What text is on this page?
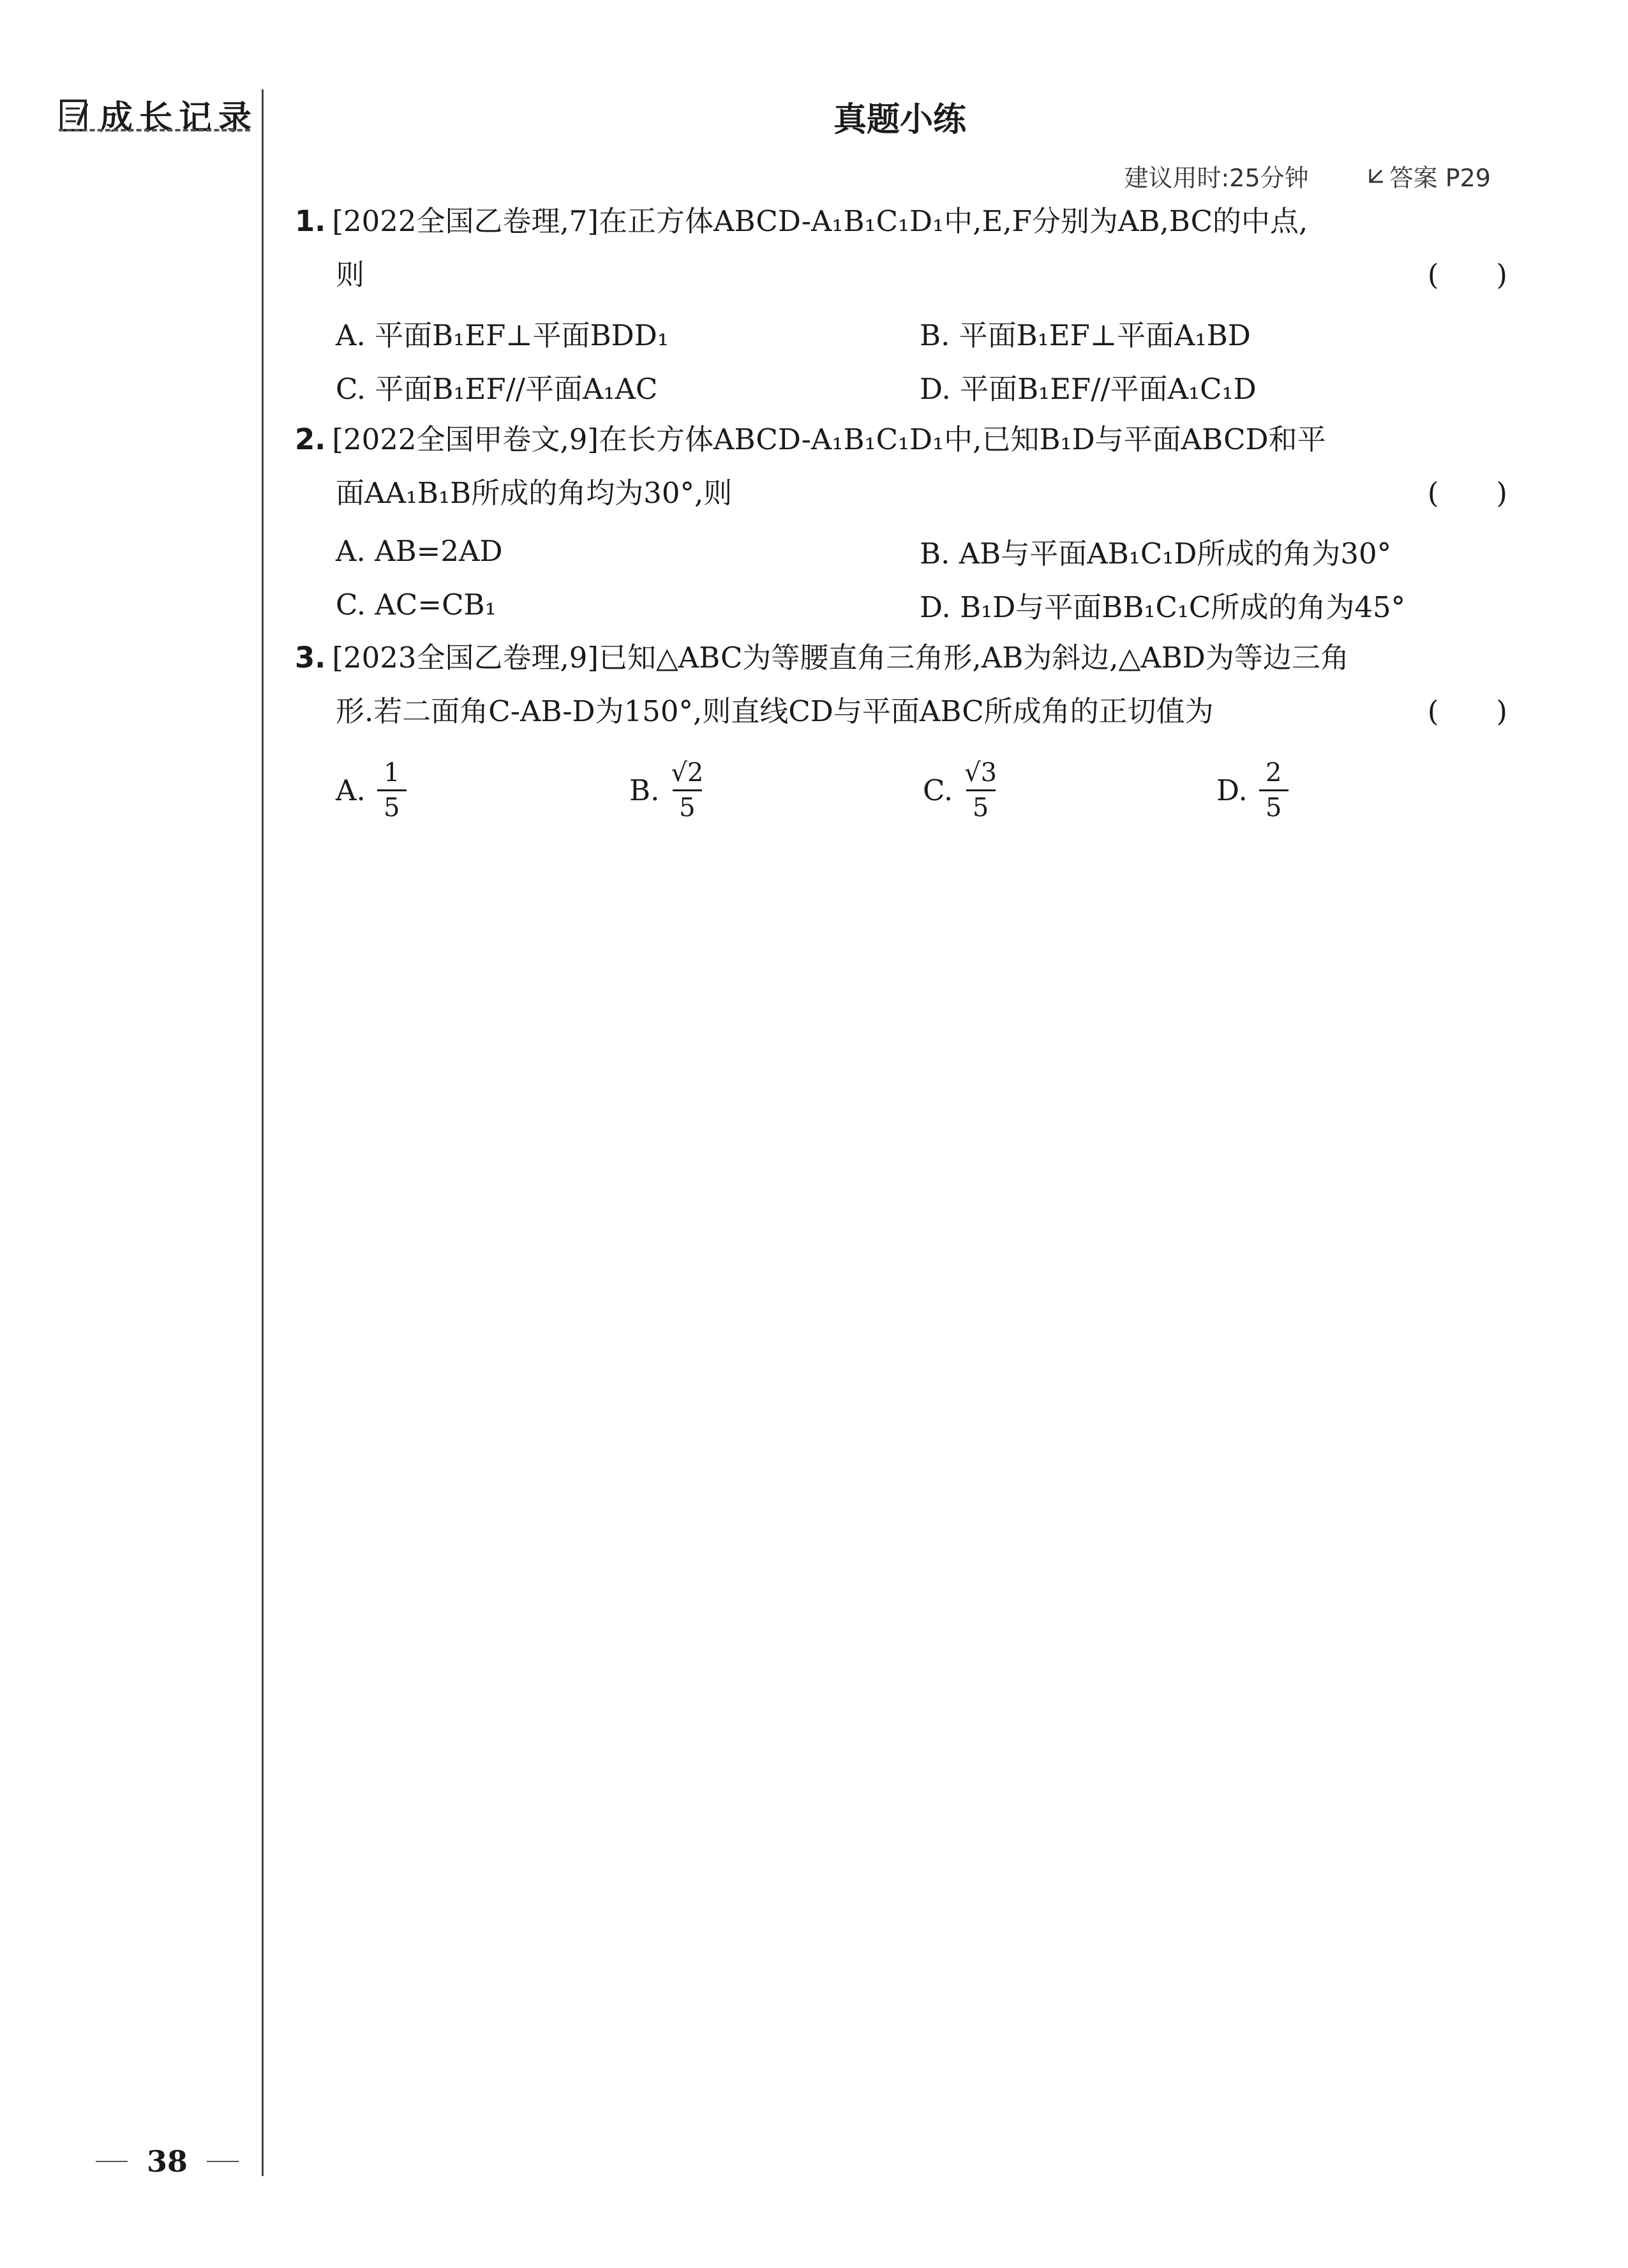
成长记录	真题小练
建议用时:25分钟	答案 P29
1. [2022全国乙卷理,7]在正方体ABCD-A₁B₁C₁D₁中,E,F分别为AB,BC的中点,
则	(　　)
A. 平面B₁EF⊥平面BDD₁	B. 平面B₁EF⊥平面A₁BD
C. 平面B₁EF//平面A₁AC	D. 平面B₁EF//平面A₁C₁D
2. [2022全国甲卷文,9]在长方体ABCD-A₁B₁C₁D₁中,已知B₁D与平面ABCD和平
面AA₁B₁B所成的角均为30°,则	(　　)
A. AB=2AD	B. AB与平面AB₁C₁D所成的角为30°
C. AC=CB₁	D. B₁D与平面BB₁C₁C所成的角为45°
3. [2023全国乙卷理,9]已知△ABC为等腰直角三角形,AB为斜边,△ABD为等边三角
形.若二面角C-AB-D为150°,则直线CD与平面ABC所成角的正切值为	(　　)
A. $\frac{1}{5}$	B. $\frac{√2}{5}$	C. $\frac{√3}{5}$	D. $\frac{2}{5}$
38
